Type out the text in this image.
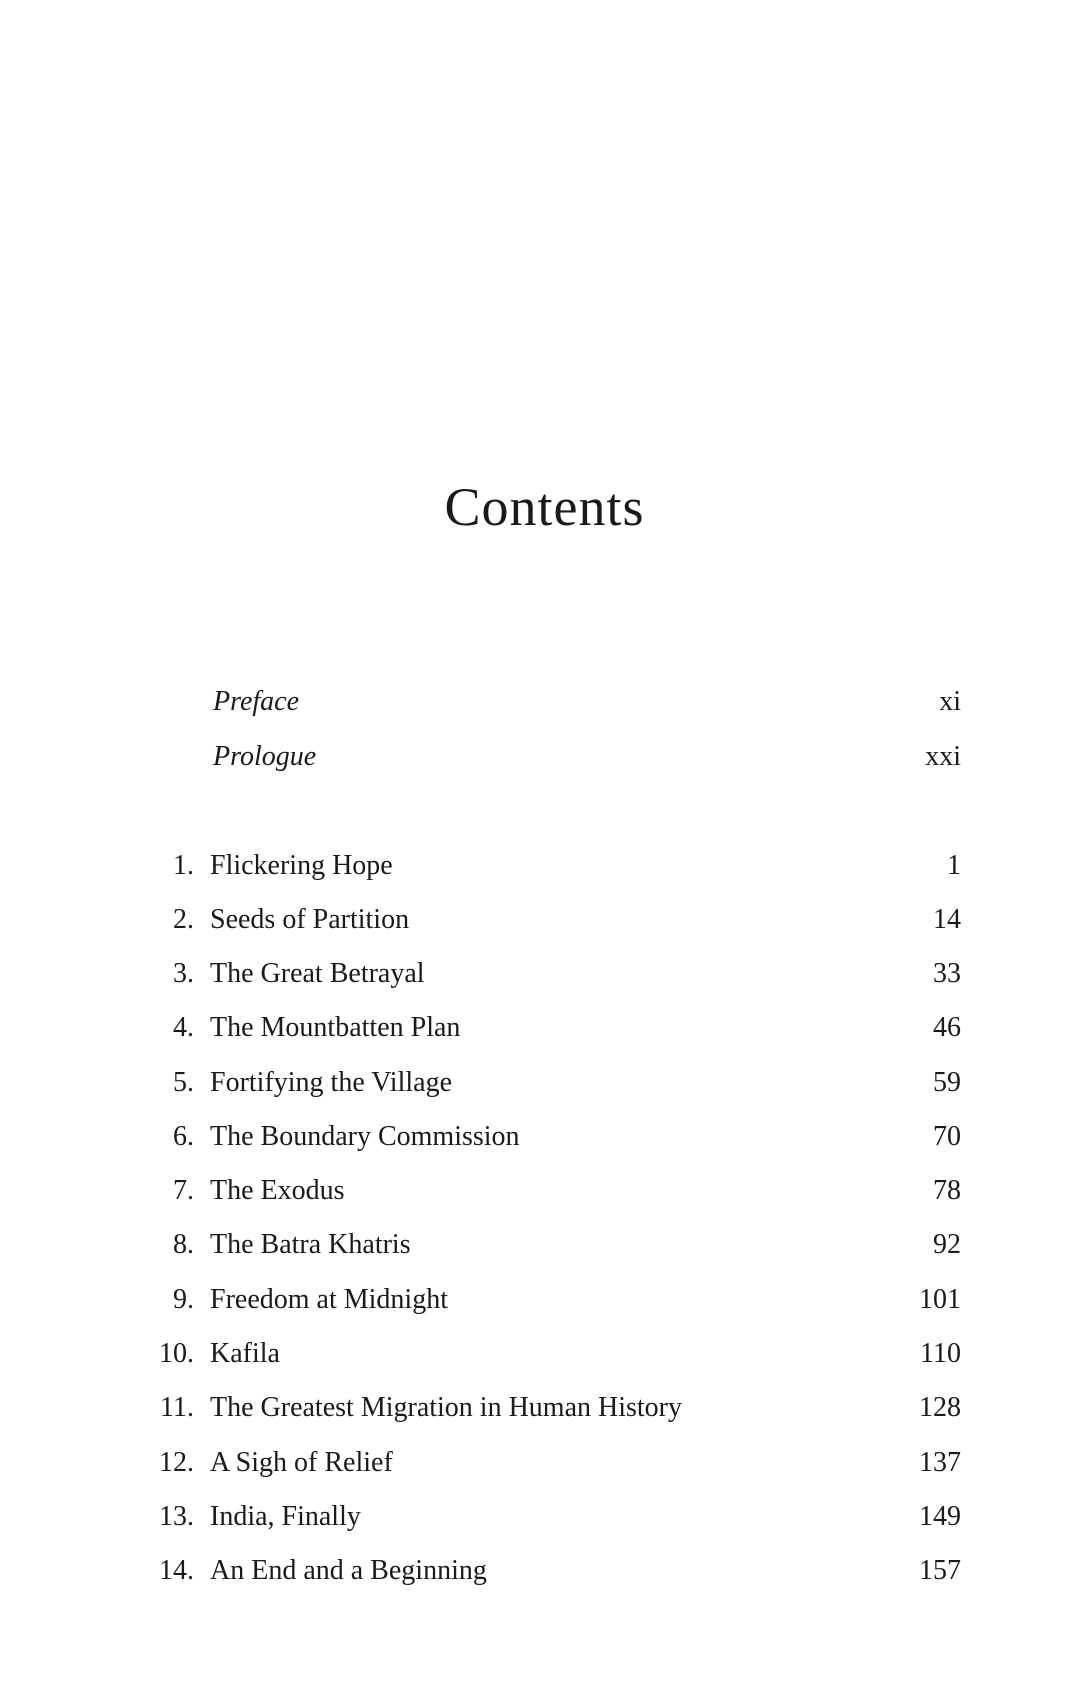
Contents
Preface	xi
Prologue	xxi
1. Flickering Hope	1
2. Seeds of Partition	14
3. The Great Betrayal	33
4. The Mountbatten Plan	46
5. Fortifying the Village	59
6. The Boundary Commission	70
7. The Exodus	78
8. The Batra Khatris	92
9. Freedom at Midnight	101
10. Kafila	110
11. The Greatest Migration in Human History	128
12. A Sigh of Relief	137
13. India, Finally	149
14. An End and a Beginning	157
